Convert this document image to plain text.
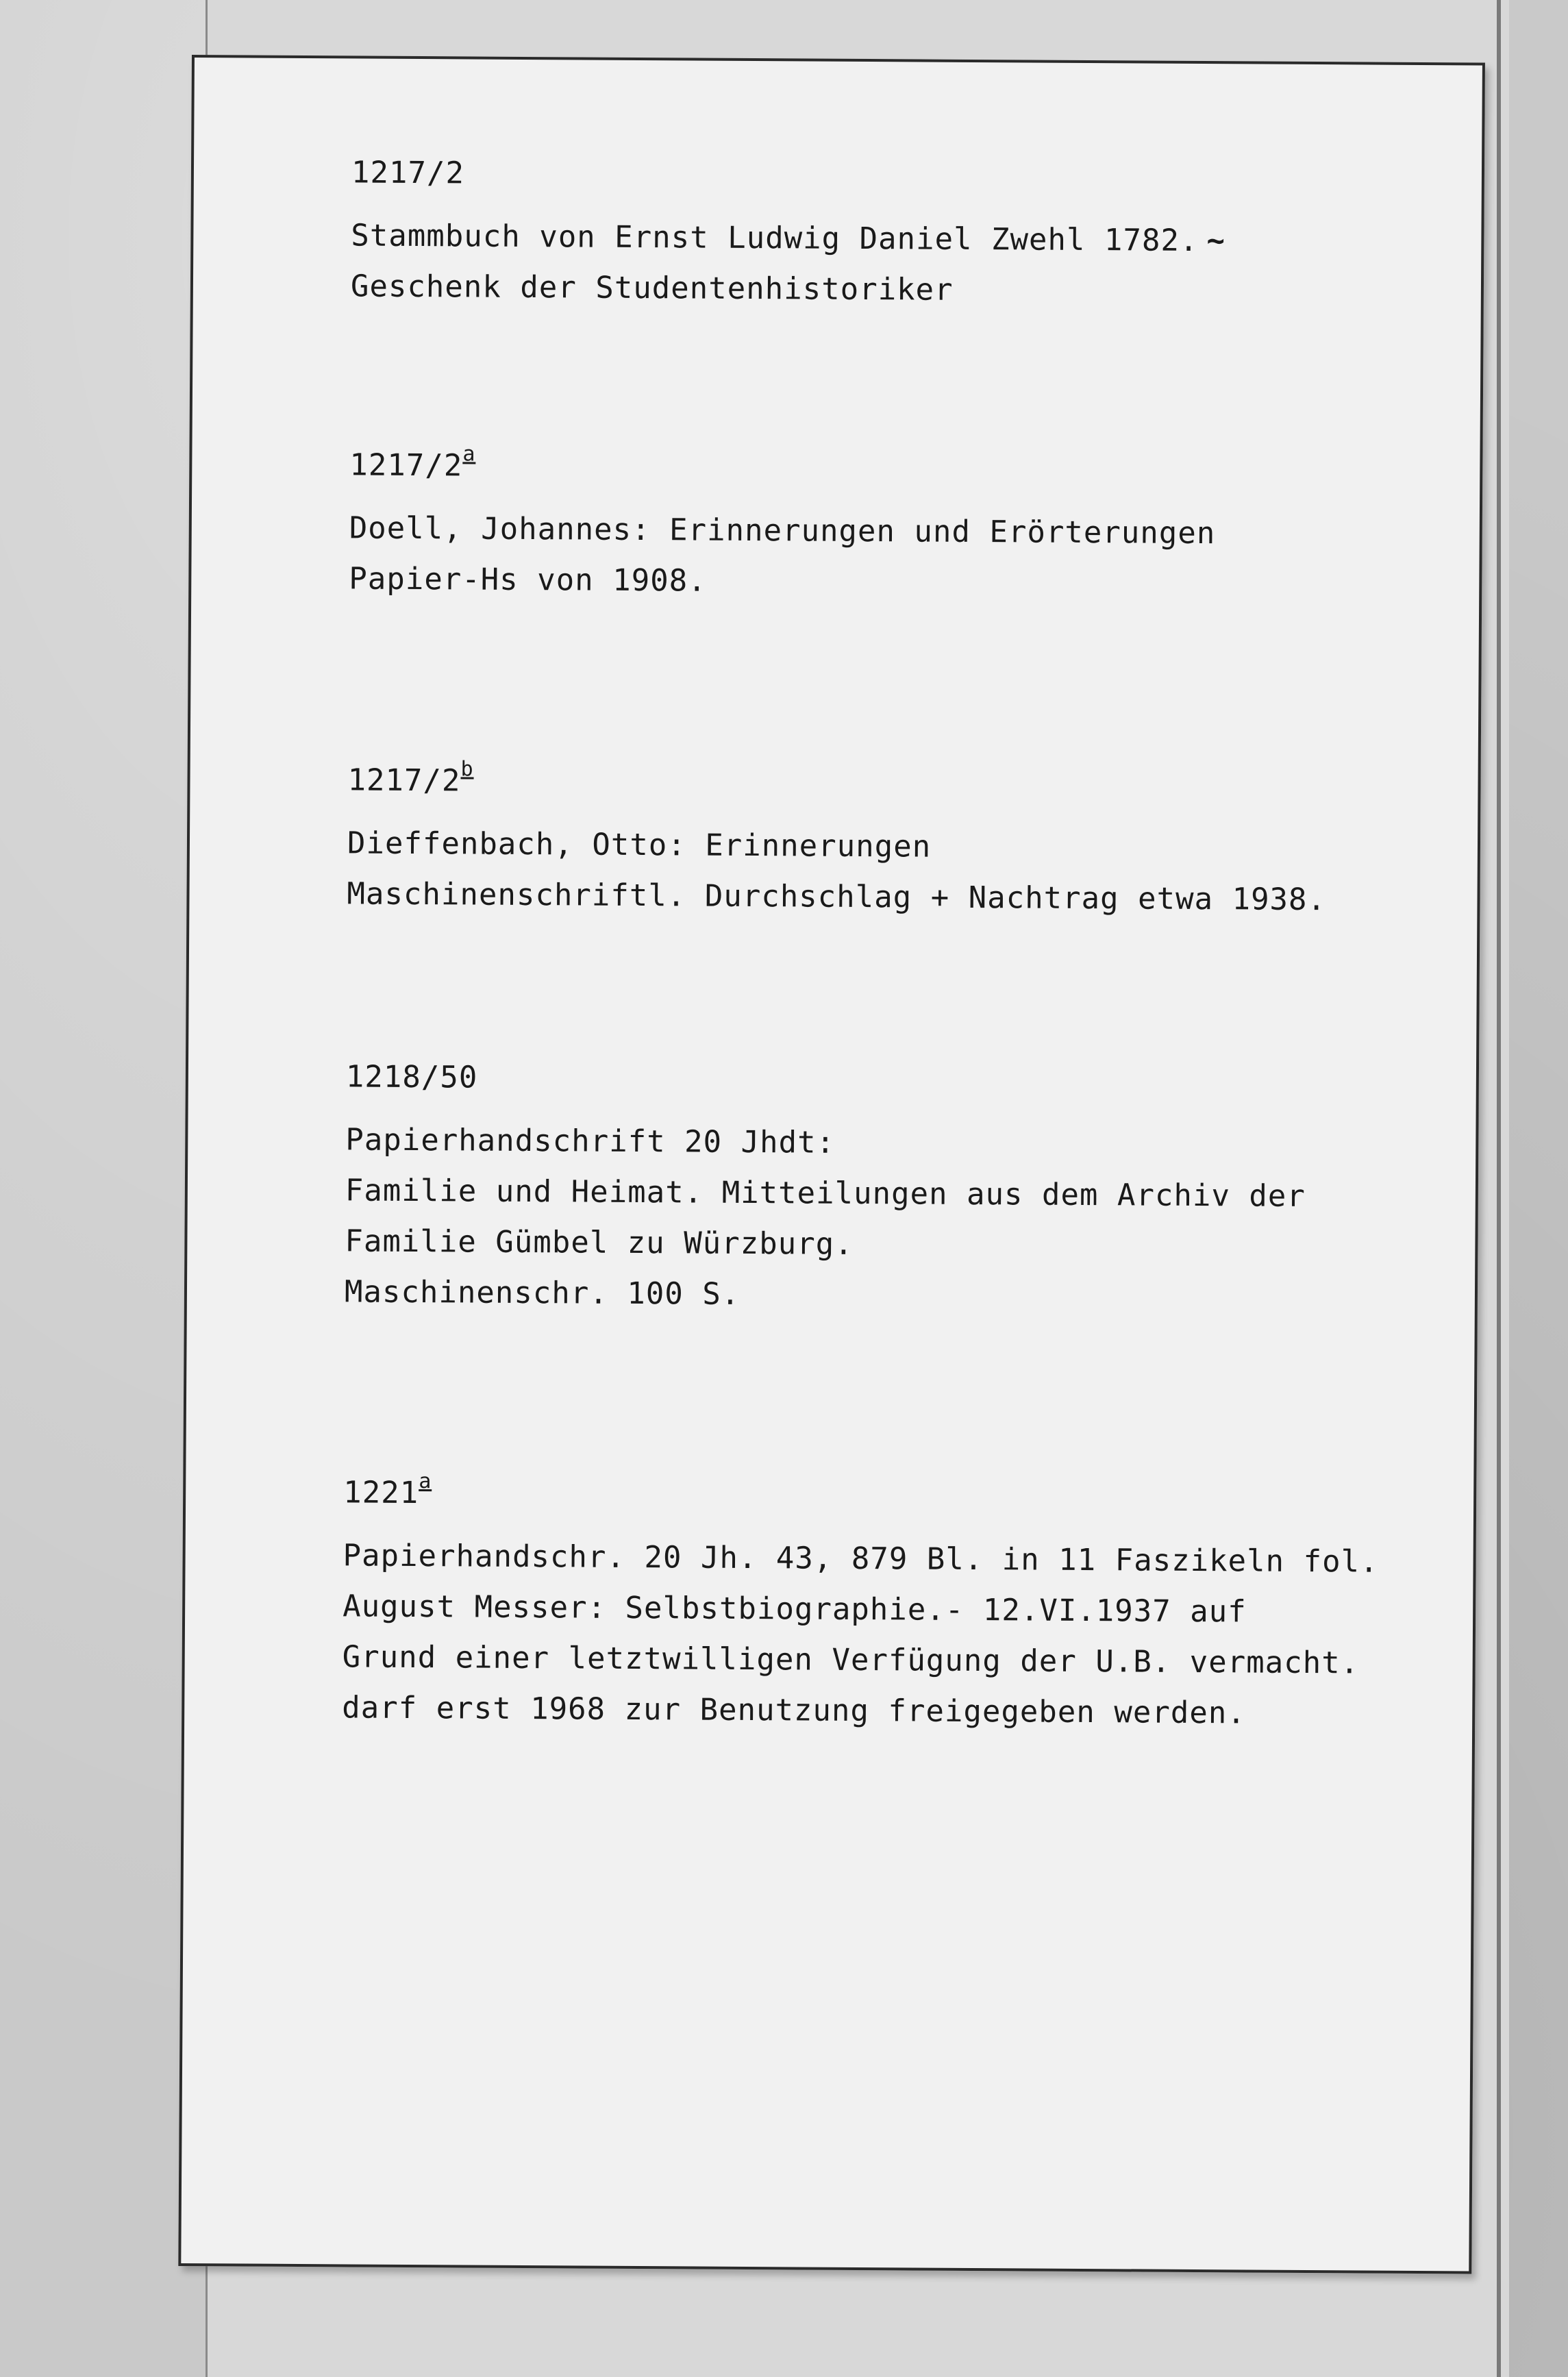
1217/2
Stammbuch von Ernst Ludwig Daniel Zwehl 1782. ~
Geschenk der Studentenhistoriker
1217/2$^a$
Doell, Johannes: Erinnerungen und Erörterungen
Papier-Hs von 1908.
1217/2$^b$
Dieffenbach, Otto: Erinnerungen
Maschinenschriftl. Durchschlag + Nachtrag etwa 1938.
1218/50
Papierhandschrift 20 Jhdt:
Familie und Heimat. Mitteilungen aus dem Archiv der
Familie Gümbel zu Würzburg.
Maschinenschr. 100 S.
1221$^a$
Papierhandschr. 20 Jh. 43, 879 Bl. in 11 Faszikeln fol.
August Messer: Selbstbiographie.- 12.VI.1937 auf
Grund einer letztwilligen Verfügung der U.B. vermacht.
darf erst 1968 zur Benutzung freigegeben werden.
